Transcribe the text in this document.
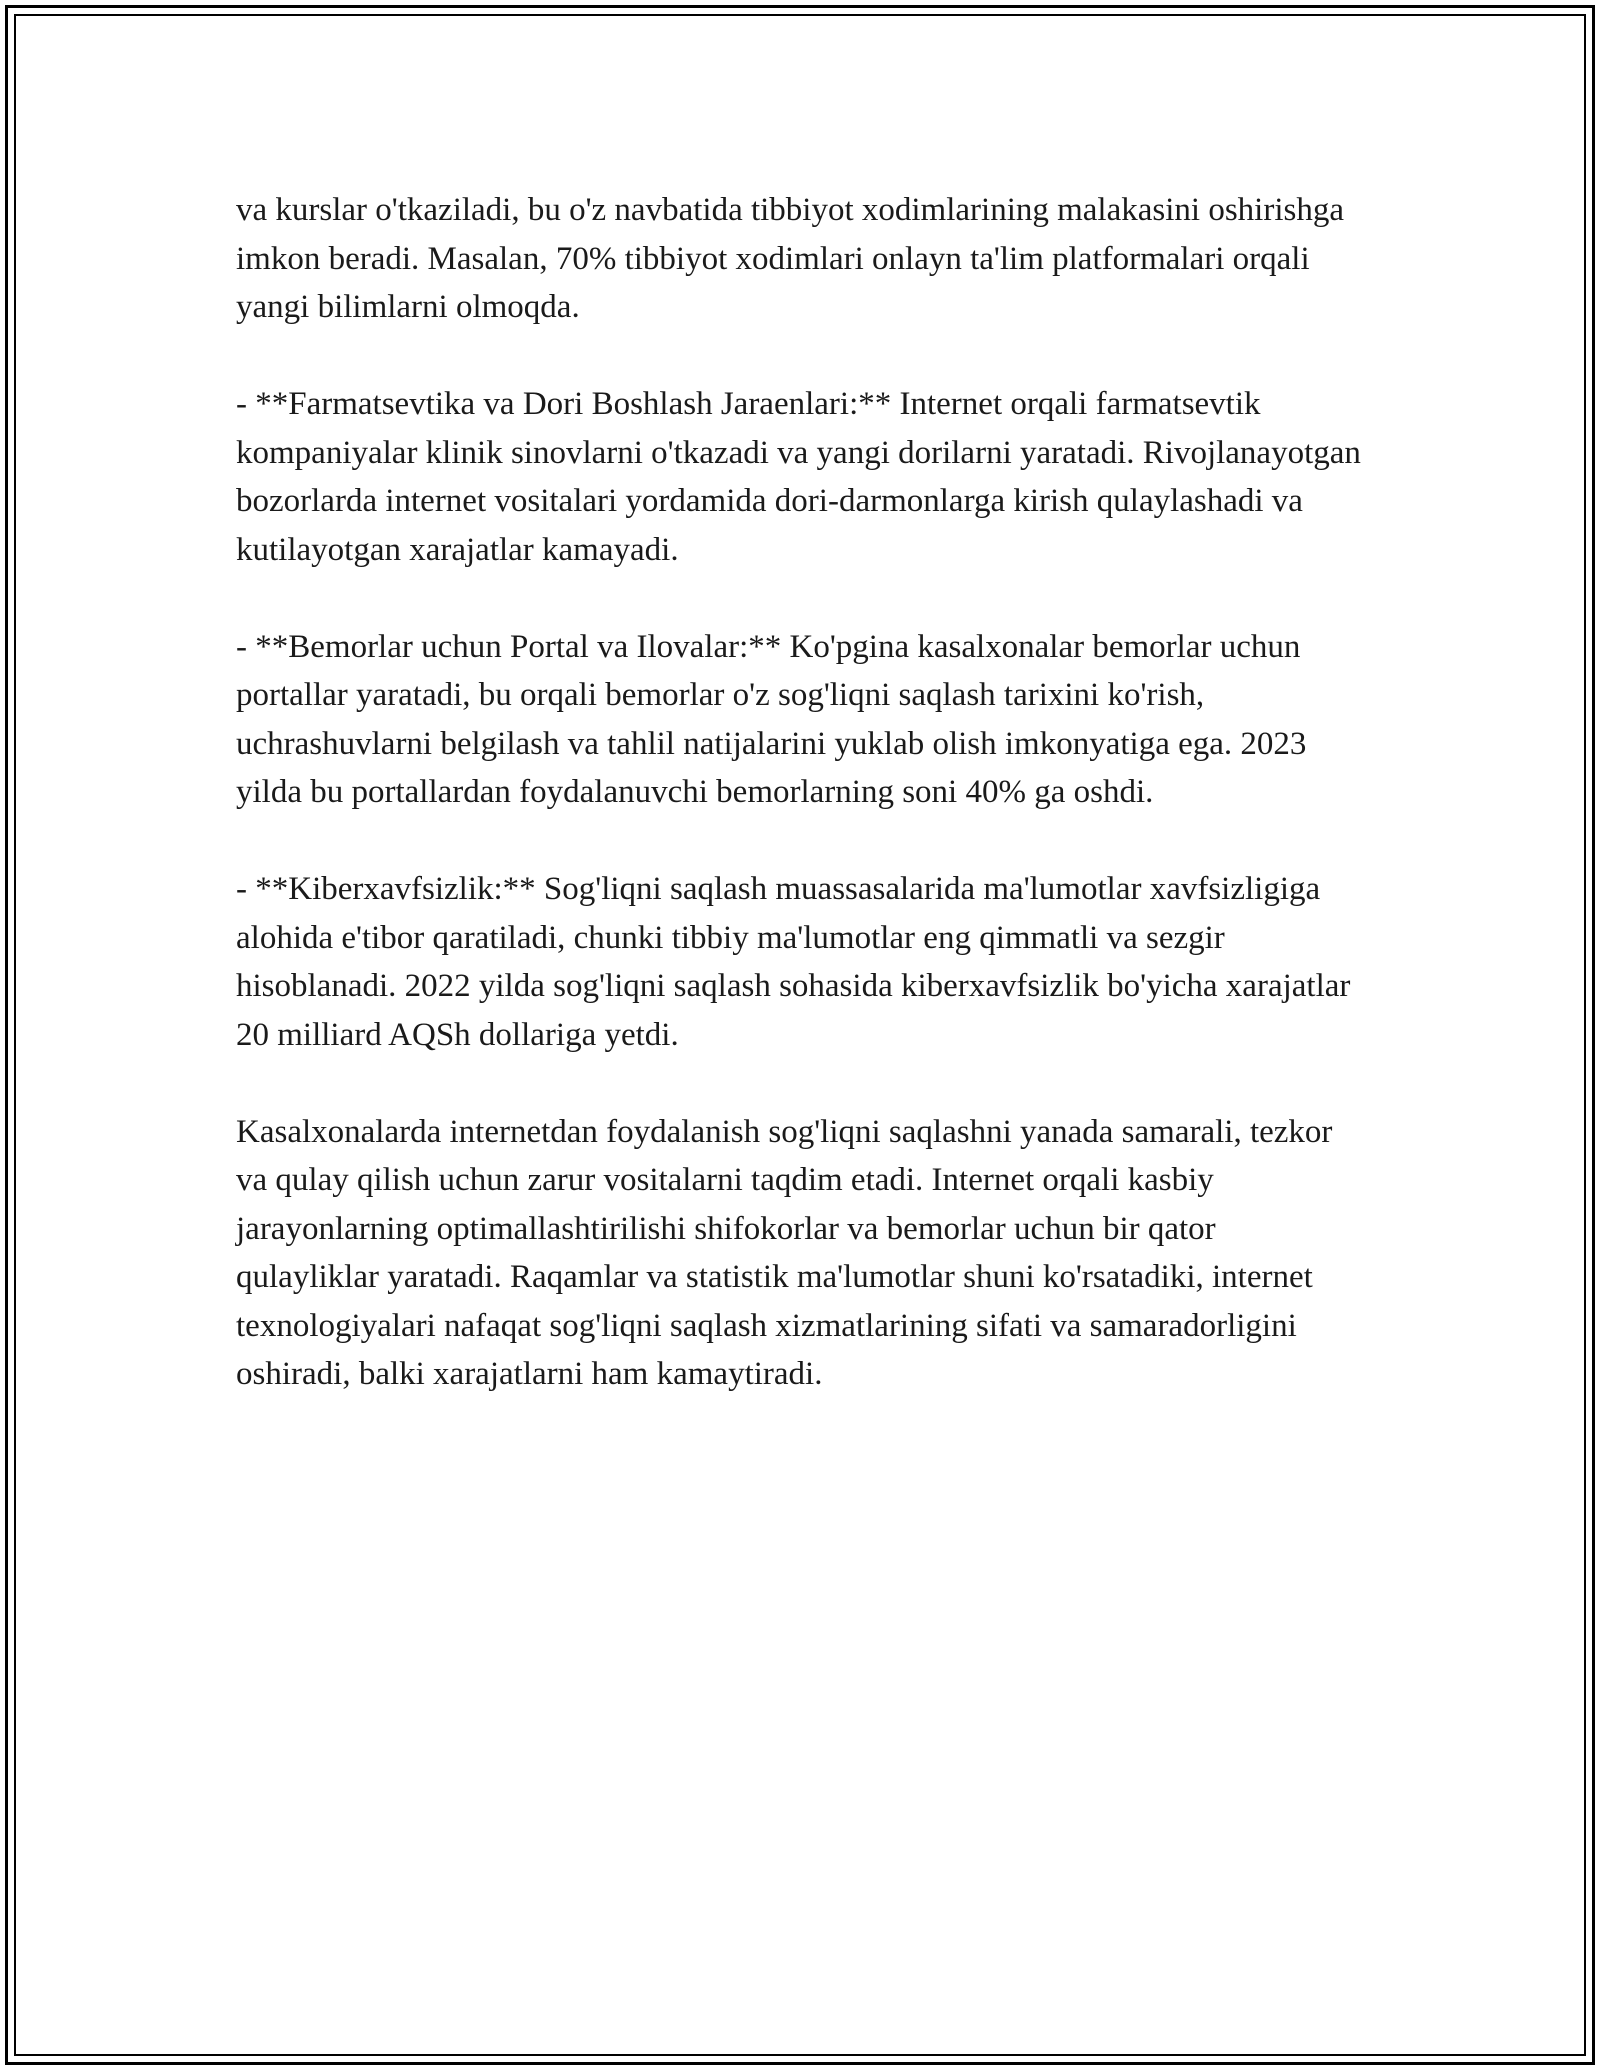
va kurslar o'tkaziladi, bu o'z navbatida tibbiyot xodimlarining malakasini oshirishga imkon beradi. Masalan, 70% tibbiyot xodimlari onlayn ta'lim platformalari orqali yangi bilimlarni olmoqda.

- **Farmatsevtika va Dori Boshlash Jaraenlari:** Internet orqali farmatsevtik kompaniyalar klinik sinovlarni o'tkazadi va yangi dorilarni yaratadi. Rivojlanayotgan bozorlarda internet vositalari yordamida dori-darmonlarga kirish qulaylashadi va kutilayotgan xarajatlar kamayadi.

- **Bemorlar uchun Portal va Ilovalar:** Ko'pgina kasalxonalar bemorlar uchun portallar yaratadi, bu orqali bemorlar o'z sog'liqni saqlash tarixini ko'rish, uchrashuvlarni belgilash va tahlil natijalarini yuklab olish imkonyatiga ega. 2023 yilda bu portallardan foydalanuvchi bemorlarning soni 40% ga oshdi.

- **Kiberxavfsizlik:** Sog'liqni saqlash muassasalarida ma'lumotlar xavfsizligiga alohida e'tibor qaratiladi, chunki tibbiy ma'lumotlar eng qimmatli va sezgir hisoblanadi. 2022 yilda sog'liqni saqlash sohasida kiberxavfsizlik bo'yicha xarajatlar 20 milliard AQSh dollariga yetdi.

Kasalxonalarda internetdan foydalanish sog'liqni saqlashni yanada samarali, tezkor va qulay qilish uchun zarur vositalarni taqdim etadi. Internet orqali kasbiy jarayonlarning optimallashtirilishi shifokorlar va bemorlar uchun bir qator qulayliklar yaratadi. Raqamlar va statistik ma'lumotlar shuni ko'rsatadiki, internet texnologiyalari nafaqat sog'liqni saqlash xizmatlarining sifati va samaradorligini oshiradi, balki xarajatlarni ham kamaytiradi.
